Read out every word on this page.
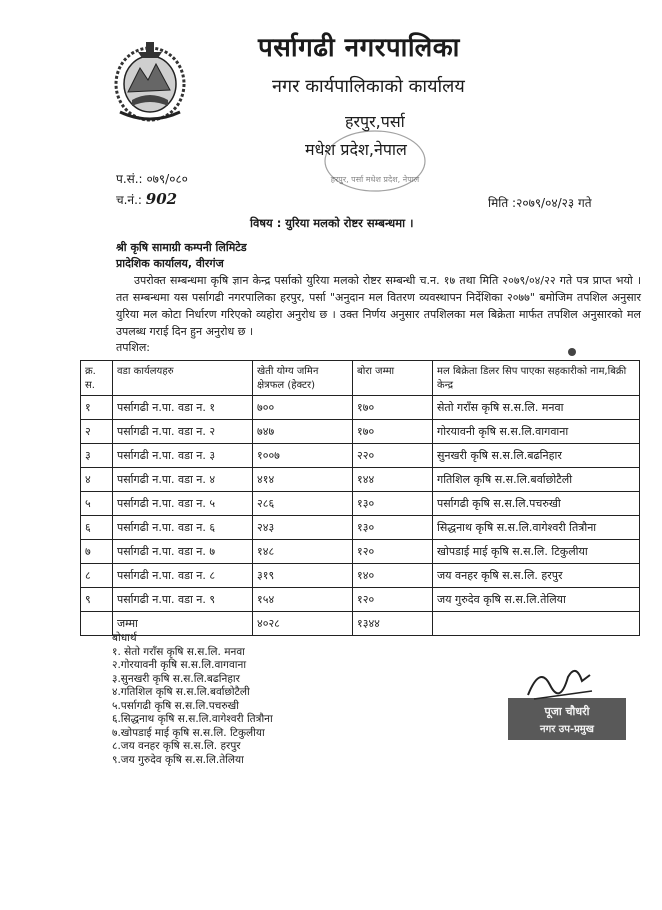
पर्सागढी नगरपालिका
नगर कार्यपालिकाको कार्यालय
हरपुर,पर्सा
मधेश प्रदेश,नेपाल
हरपुर, पर्सा मधेश प्रदेश, नेपाल
प.सं.: ०७९/०८०
च.नं.: 902	मिति :२०७९/०४/२३ गते
विषय : युरिया मलको रोष्टर सम्बन्धमा ।
श्री कृषि सामाग्री कम्पनी लिमिटेड
प्रादेशिक कार्यालय, वीरगंज
उपरोक्त सम्बन्धमा कृषि ज्ञान केन्द्र पर्साको युरिया मलको रोष्टर सम्बन्धी च.न. १७ तथा मिति २०७९/०४/२२ गते पत्र प्राप्त भयो । तत सम्बन्धमा यस पर्सागढी नगरपालिका हरपुर, पर्सा "अनुदान मल वितरण व्यवस्थापन निर्देशिका २०७७" बमोजिम तपशिल अनुसार युरिया मल कोटा निर्धारण गरिएको व्यहोरा अनुरोध छ । उक्त निर्णय अनुसार तपशिलका मल बिक्रेता मार्फत तपशिल अनुसारको मल उपलब्ध गराई दिन हुन अनुरोध छ ।
तपशिल:
क्र. स.	वडा कार्यलयहरु	खेती योग्य जमिन क्षेत्रफल (हेक्टर)	बोरा जम्मा	मल बिक्रेता डिलर सिप पाएका सहकारीको नाम,बिक्री केन्द्र
१	पर्सागढी न.पा. वडा न. १	७००	१७०	सेतो गराँस कृषि स.स.लि. मनवा
२	पर्सागढी न.पा. वडा न. २	७४७	१७०	गोरयावनी कृषि स.स.लि.वागवाना
३	पर्सागढी न.पा. वडा न. ३	१००७	२२०	सुनखरी कृषि स.स.लि.बढनिहार
४	पर्सागढी न.पा. वडा न. ४	४१४	१४४	गतिशिल कृषि स.स.लि.बर्वाछोटैली
५	पर्सागढी न.पा. वडा न. ५	२८६	१३०	पर्सागढी कृषि स.स.लि.पचरुखी
६	पर्सागढी न.पा. वडा न. ६	२४३	१३०	सिद्धनाथ कृषि स.स.लि.वागेश्वरी तित्रौना
७	पर्सागढी न.पा. वडा न. ७	१४८	१२०	खोपडाई माई कृषि स.स.लि. टिकुलीया
८	पर्सागढी न.पा. वडा न. ८	३१९	१४०	जय वनहर कृषि स.स.लि. हरपुर
९	पर्सागढी न.पा. वडा न. ९	१५४	१२०	जय गुरुदेव कृषि स.स.लि.तेलिया
	जम्मा	४०२८	१३४४	
बोधार्थ
१. सेतो गराँस कृषि स.स.लि. मनवा
२.गोरयावनी कृषि स.स.लि.वागवाना
३.सुनखरी कृषि स.स.लि.बढनिहार
४.गतिशिल कृषि स.स.लि.बर्वाछोटैली
५.पर्सागढी कृषि स.स.लि.पचरुखी
६.सिद्धनाथ कृषि स.स.लि.वागेश्वरी तित्रौना
७.खोपडाई माई कृषि स.स.लि. टिकुलीया
८.जय वनहर कृषि स.स.लि. हरपुर
९.जय गुरुदेव कृषि स.स.लि.तेलिया
पूजा चौधरी
नगर उप-प्रमुख
